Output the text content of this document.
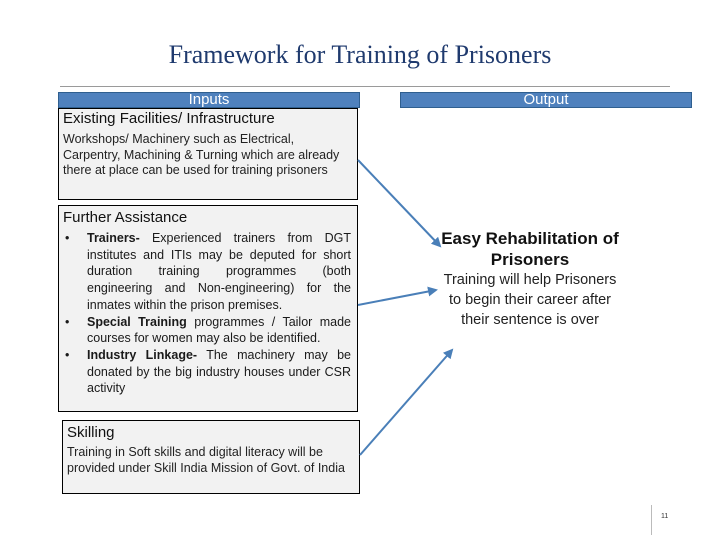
Framework for Training of Prisoners
Inputs	Output
Existing Facilities/ Infrastructure
Workshops/ Machinery such as Electrical, Carpentry, Machining & Turning which are already there at place can be used for training prisoners
Further Assistance
• Trainers- Experienced trainers from DGT institutes and ITIs may be deputed for short duration training programmes (both engineering and Non-engineering) for the inmates within the prison premises.
• Special Training programmes / Tailor made courses for women may also be identified.
• Industry Linkage- The machinery may be donated by the big industry houses under CSR activity
Skilling
Training in Soft skills and digital literacy will be provided under Skill India Mission of Govt. of India
Easy Rehabilitation of Prisoners
Training will help Prisoners to begin their career after their sentence is over
11
